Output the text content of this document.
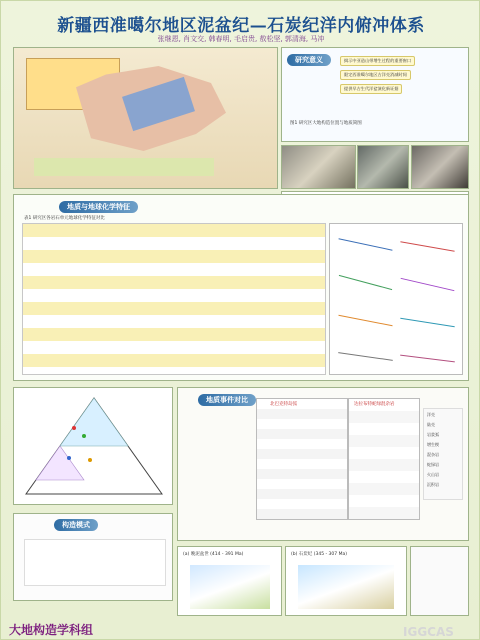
新疆西准噶尔地区泥盆纪—石炭纪洋内俯冲体系
张继恩, 肖文交, 韩春明, 毛启贵, 敖松坚, 郭清海, 马冲
研究意义	揭示中亚造山带增生过程的重要窗口
限定西准噶尔地区古洋壳消减时间
提供早古生代洋盆演化新证据
图1 研究区大地构造位置与地质简图
地质与地球化学特征
表1 研究区各岩石单元地球化学特征对比
地质事件对比
北巴克特岛弧	达拉布特蛇绿混杂岩
洋壳
陆壳
岩浆弧
增生楔
混杂岩
蛇绿岩
火山岩
沉积岩
构造模式
(a) 晚泥盆世 (414 - 391 Ma)	(b) 石炭纪 (345 - 307 Ma)
大地构造学科组	IGGCAS
